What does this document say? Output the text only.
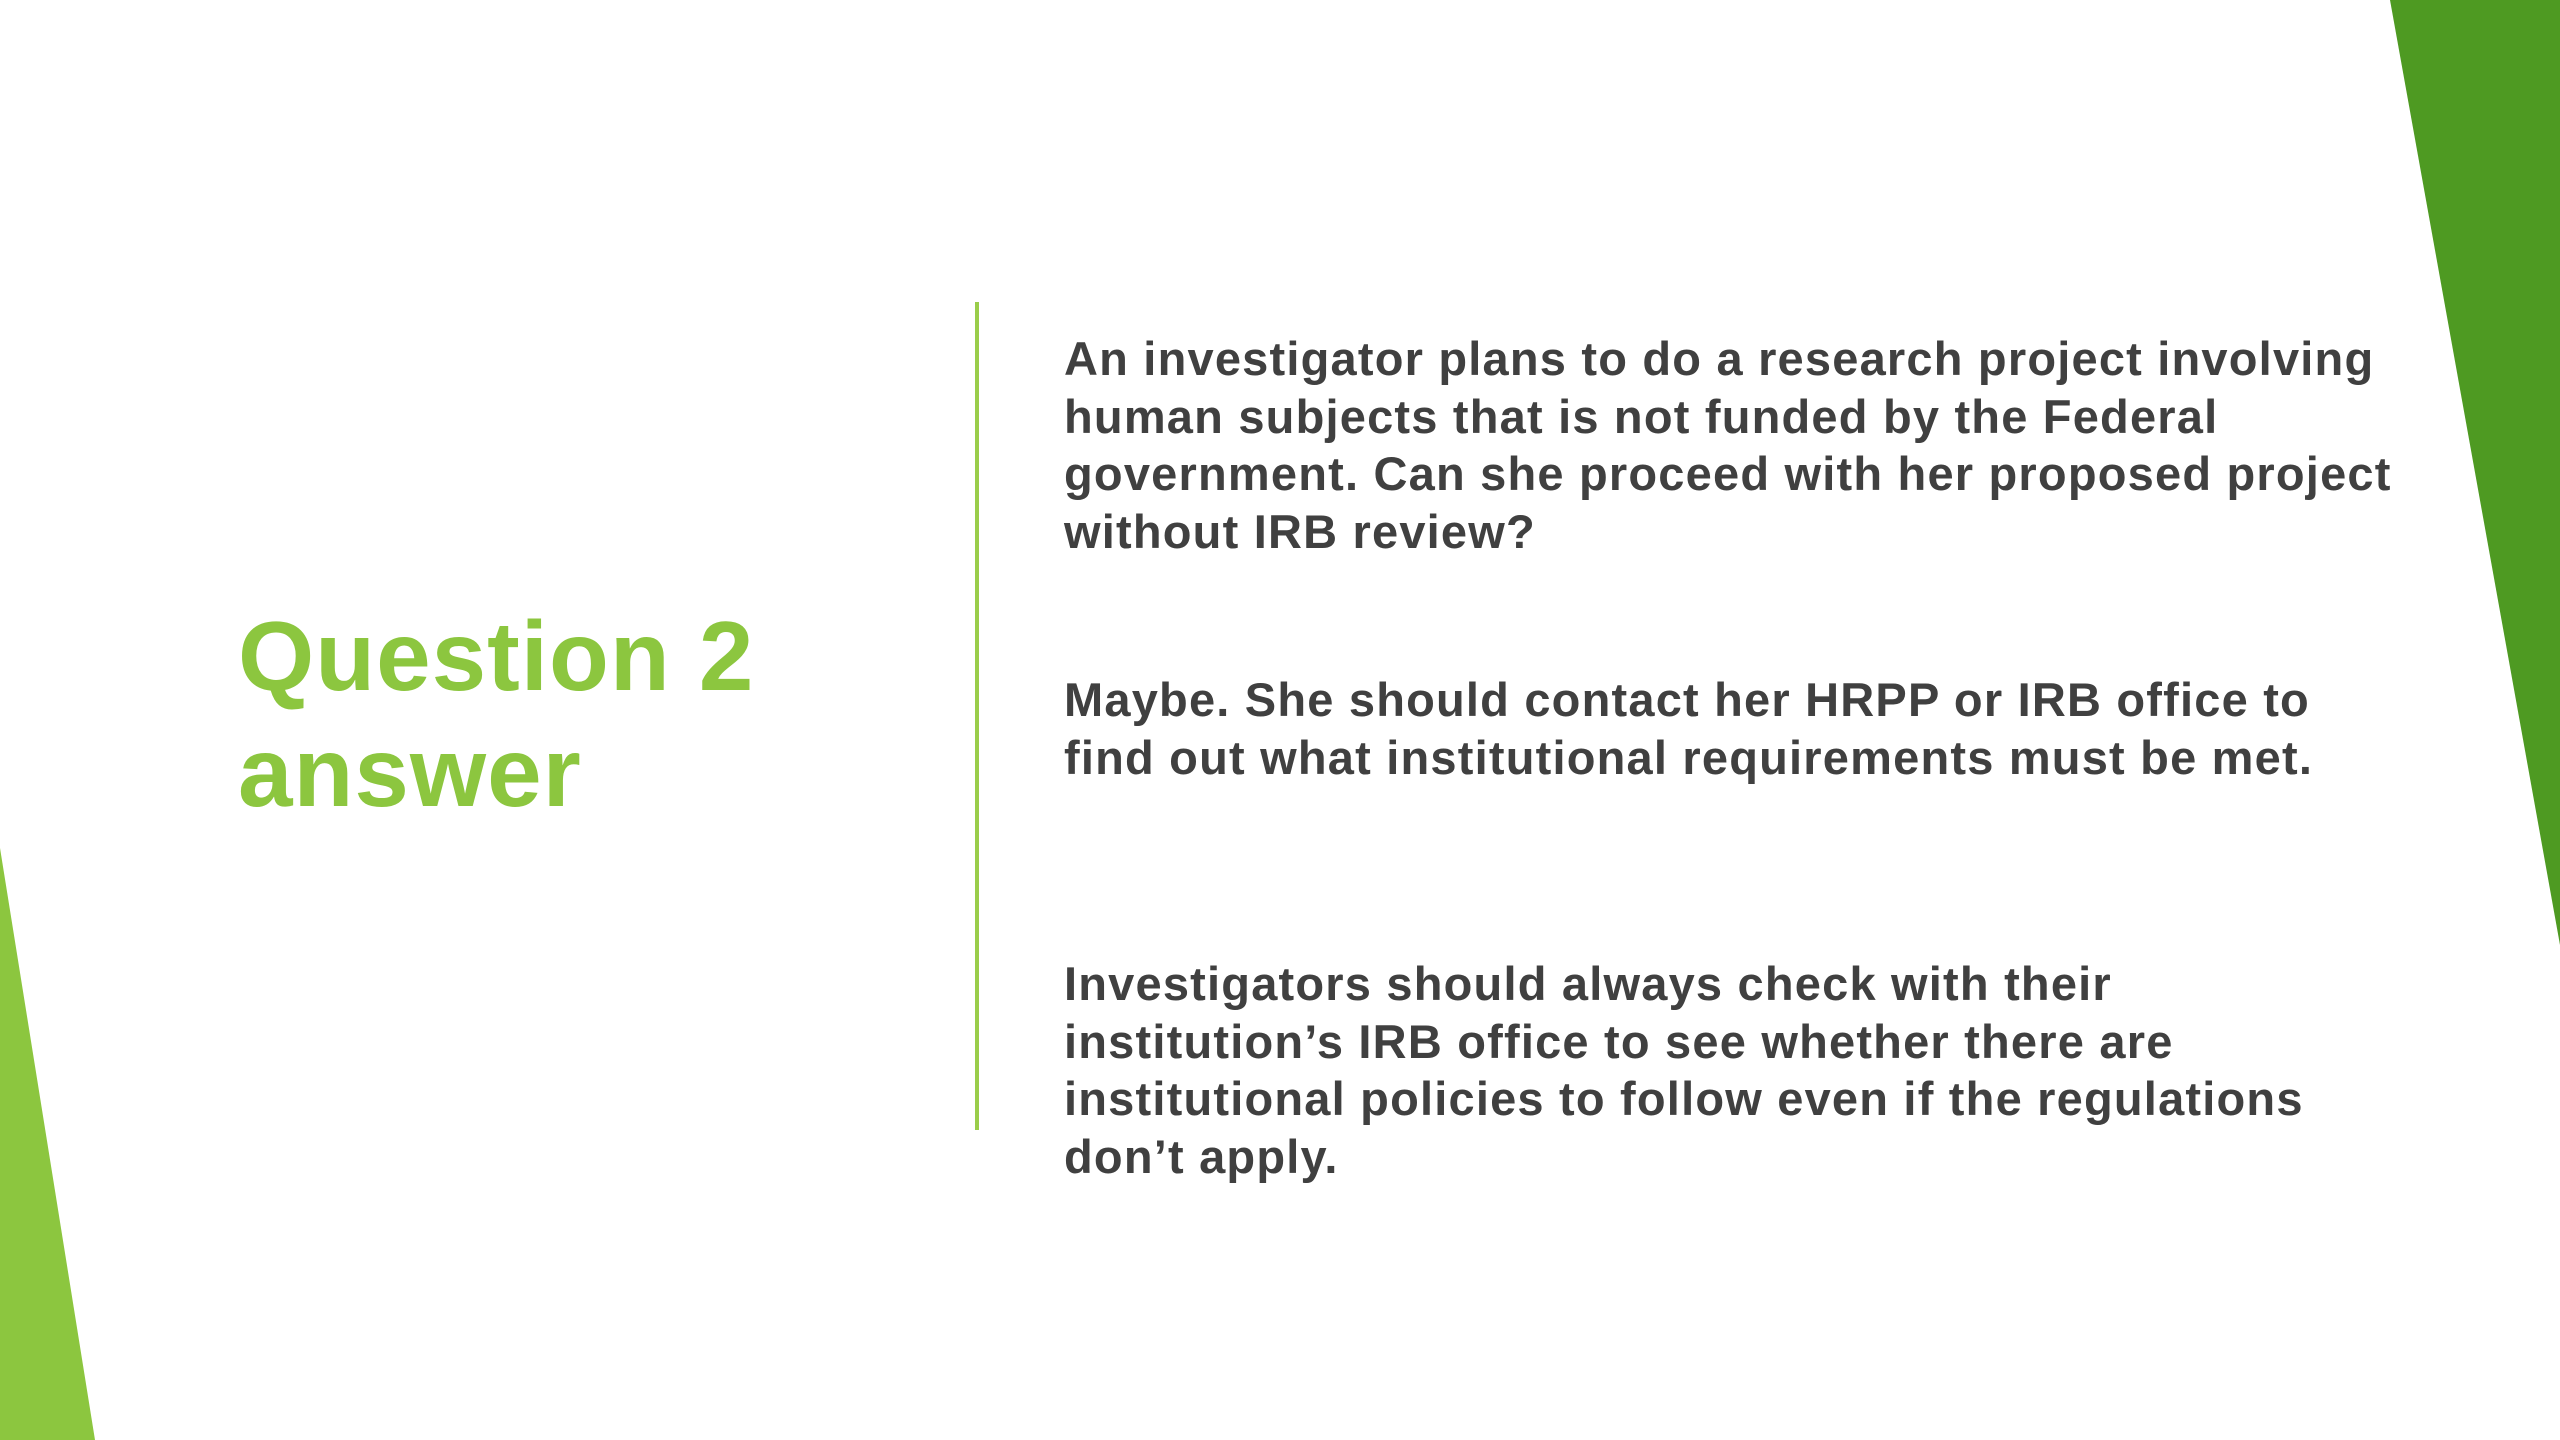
Question 2
answer

An investigator plans to do a research project involving human subjects that is not funded by the Federal government. Can she proceed with her proposed project without IRB review?

Maybe. She should contact her HRPP or IRB office to find out what institutional requirements must be met.

Investigators should always check with their institution’s IRB office to see whether there are institutional policies to follow even if the regulations don’t apply.
